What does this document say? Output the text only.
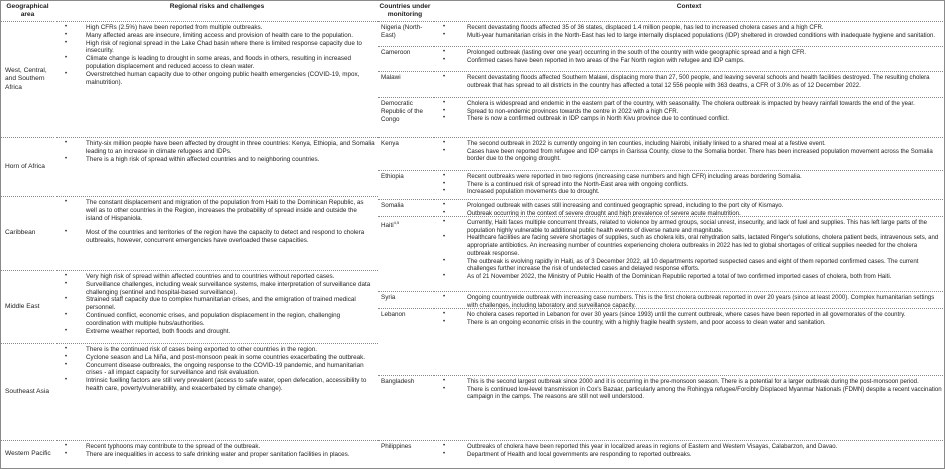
Geographical area
West, Central, and Southern Africa
Horn of Africa
Caribbean
Middle East
Southeast Asia
Western Pacific
Regional risks and challenges
• High CFRs (2.5%) have been reported from multiple outbreaks.
• Many affected areas are insecure, limiting access and provision of health care to the population.
• High risk of regional spread in the Lake Chad basin where there is limited response capacity due to insecurity.
• Climate change is leading to drought in some areas, and floods in others, resulting in increased population displacement and reduced access to clean water.
• Overstretched human capacity due to other ongoing public health emergencies (COVID-19, mpox, malnutrition).
• Thirty-six million people have been affected by drought in three countries: Kenya, Ethiopia, and Somalia leading to an increase in climate refugees and IDPs.
• There is a high risk of spread within affected countries and to neighboring countries.
• The constant displacement and migration of the population from Haiti to the Dominican Republic, as well as to other countries in the Region, increases the probability of spread inside and outside the island of Hispaniola.
• Most of the countries and territories of the region have the capacity to detect and respond to cholera outbreaks, however, concurrent emergencies have overloaded these capacities.
• Very high risk of spread within affected countries and to countries without reported cases.
• Surveillance challenges, including weak surveillance systems, make interpretation of surveillance data challenging (sentinel and hospital-based surveillance).
• Strained staff capacity due to complex humanitarian crises, and the emigration of trained medical personnel.
• Continued conflict, economic crises, and population displacement in the region, challenging coordination with multiple hubs/authorities.
• Extreme weather reported, both floods and drought.
• There is the continued risk of cases being exported to other countries in the region.
• Cyclone season and La Niña, and post-monsoon peak in some countries exacerbating the outbreak.
• Concurrent disease outbreaks, the ongoing response to the COVID-19 pandemic, and humanitarian crises - all impact capacity for surveillance and risk evaluation.
• Intrinsic fuelling factors are still very prevalent (access to safe water, open defecation, accessibility to health care, poverty/vulnerability, and exacerbated by climate change).
• Recent typhoons may contribute to the spread of the outbreak.
• There are inequalities in access to safe drinking water and proper sanitation facilities in places.
Countries under monitoring
Nigeria (North-East)
Cameroon
Malawi
Democratic Republic of the Congo
Kenya
Ethiopia
Somalia
Haiti$^{4,5}$
Syria
Lebanon
Bangladesh
Philippines
Context
• Recent devastating floods affected 35 of 36 states, displaced 1.4 million people, has led to increased cholera cases and a high CFR.
• Multi-year humanitarian crisis in the North-East has led to large internally displaced populations (IDP) sheltered in crowded conditions with inadequate hygiene and sanitation.
• Prolonged outbreak (lasting over one year) occurring in the south of the country with wide geographic spread and a high CFR.
• Confirmed cases have been reported in two areas of the Far North region with refugee and IDP camps.
• Recent devastating floods affected Southern Malawi, displacing more than 27, 500 people, and leaving several schools and health facilities destroyed. The resulting cholera outbreak that has spread to all districts in the country has affected a total 12 556 people with 363 deaths, a CFR of 3.0% as of 12 December 2022.
• Cholera is widespread and endemic in the eastern part of the country, with seasonality. The cholera outbreak is impacted by heavy rainfall towards the end of the year.
• Spread to non-endemic provinces towards the centre in 2022 with a high CFR.
• There is now a confirmed outbreak in IDP camps in North Kivu province due to continued conflict.
• The second outbreak in 2022 is currently ongoing in ten counties, including Nairobi, initially linked to a shared meal at a festive event.
• Cases have been reported from refugee and IDP camps in Garissa County, close to the Somalia border. There has been increased population movement across the Somalia border due to the ongoing drought.
• Recent outbreaks were reported in two regions (increasing case numbers and high CFR) including areas bordering Somalia.
• There is a continued risk of spread into the North-East area with ongoing conflicts.
• Increased population movements due to drought.
• Prolonged outbreak with cases still increasing and continued geographic spread, including to the port city of Kismayo.
• Outbreak occurring in the context of severe drought and high prevalence of severe acute malnutrition.
• Currently, Haiti faces multiple concurrent threats, related to violence by armed groups, social unrest, insecurity, and lack of fuel and supplies. This has left large parts of the population highly vulnerable to additional public health events of diverse nature and magnitude.
• Healthcare facilities are facing severe shortages of supplies, such as cholera kits, oral rehydration salts, lactated Ringer's solutions, cholera patient beds, intravenous sets, and appropriate antibiotics. An increasing number of countries experiencing cholera outbreaks in 2022 has led to global shortages of critical supplies needed for the cholera outbreak response.
• The outbreak is evolving rapidly in Haiti, as of 3 December 2022, all 10 departments reported suspected cases and eight of them reported confirmed cases. The current challenges further increase the risk of undetected cases and delayed response efforts.
• As of 21 November 2022, the Ministry of Public Health of the Dominican Republic reported a total of two confirmed imported cases of cholera, both from Haiti.
• Ongoing countrywide outbreak with increasing case numbers. This is the first cholera outbreak reported in over 20 years (since at least 2000). Complex humanitarian settings with challenges, including laboratory and surveillance capacity.
• No cholera cases reported in Lebanon for over 30 years (since 1993) until the current outbreak, where cases have been reported in all governorates of the country.
• There is an ongoing economic crisis in the country, with a highly fragile health system, and poor access to clean water and sanitation.
• This is the second largest outbreak since 2000 and it is occurring in the pre-monsoon season. There is a potential for a larger outbreak during the post-monsoon period.
• There is continued low-level transmission in Cox's Bazaar, particularly among the Rohingya refugee/Forcibly Displaced Myanmar Nationals (FDMN) despite a recent vaccination campaign in the camps. The reasons are still not well understood.
• Outbreaks of cholera have been reported this year in localized areas in regions of Eastern and Western Visayas, Calabarzon, and Davao.
• Department of Health and local governments are responding to reported outbreaks.
